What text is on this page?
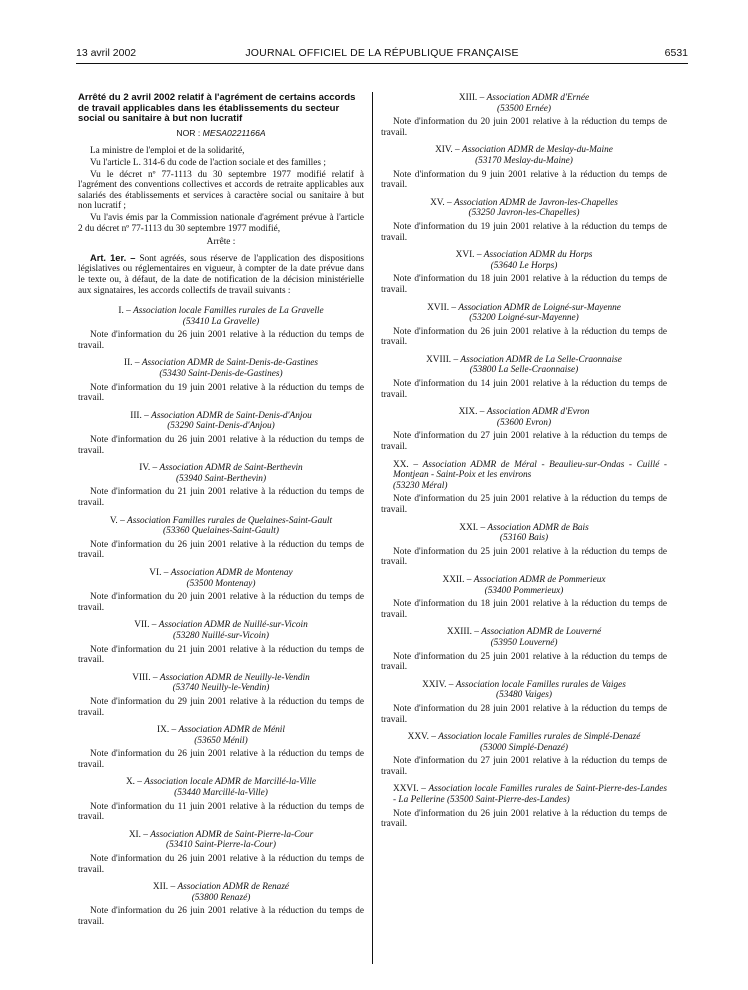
13 avril 2002	JOURNAL OFFICIEL DE LA RÉPUBLIQUE FRANÇAISE	6531
Arrêté du 2 avril 2002 relatif à l'agrément de certains accords de travail applicables dans les établissements du secteur social ou sanitaire à but non lucratif
NOR : MESA0221166A

La ministre de l'emploi et de la solidarité,

Vu l'article L. 314-6 du code de l'action sociale et des familles ;

Vu le décret nº 77-1113 du 30 septembre 1977 modifié relatif à l'agrément des conventions collectives et accords de retraite applicables aux salariés des établissements et services à caractère social ou sanitaire à but non lucratif ;

Vu l'avis émis par la Commission nationale d'agrément prévue à l'article 2 du décret nº 77-1113 du 30 septembre 1977 modifié,

Arrête :

Art. 1er. – Sont agréés, sous réserve de l'application des dispositions législatives ou réglementaires en vigueur, à compter de la date prévue dans le texte ou, à défaut, de la date de notification de la décision ministérielle aux signataires, les accords collectifs de travail suivants :

I. – Association locale Familles rurales de La Gravelle
(53410 La Gravelle)
Note d'information du 26 juin 2001 relative à la réduction du temps de travail.
II. – Association ADMR de Saint-Denis-de-Gastines
(53430 Saint-Denis-de-Gastines)
Note d'information du 19 juin 2001 relative à la réduction du temps de travail.
III. – Association ADMR de Saint-Denis-d'Anjou
(53290 Saint-Denis-d'Anjou)
Note d'information du 26 juin 2001 relative à la réduction du temps de travail.
IV. – Association ADMR de Saint-Berthevin
(53940 Saint-Berthevin)
Note d'information du 21 juin 2001 relative à la réduction du temps de travail.
V. – Association Familles rurales de Quelaines-Saint-Gault
(53360 Quelaines-Saint-Gault)
Note d'information du 26 juin 2001 relative à la réduction du temps de travail.
VI. – Association ADMR de Montenay
(53500 Montenay)
Note d'information du 20 juin 2001 relative à la réduction du temps de travail.
VII. – Association ADMR de Nuillé-sur-Vicoin
(53280 Nuillé-sur-Vicoin)
Note d'information du 21 juin 2001 relative à la réduction du temps de travail.
VIII. – Association ADMR de Neuilly-le-Vendin
(53740 Neuilly-le-Vendin)
Note d'information du 29 juin 2001 relative à la réduction du temps de travail.
IX. – Association ADMR de Ménil
(53650 Ménil)
Note d'information du 26 juin 2001 relative à la réduction du temps de travail.
X. – Association locale ADMR de Marcillé-la-Ville
(53440 Marcillé-la-Ville)
Note d'information du 11 juin 2001 relative à la réduction du temps de travail.
XI. – Association ADMR de Saint-Pierre-la-Cour
(53410 Saint-Pierre-la-Cour)
Note d'information du 26 juin 2001 relative à la réduction du temps de travail.
XII. – Association ADMR de Renazé
(53800 Renazé)
Note d'information du 26 juin 2001 relative à la réduction du temps de travail.
XIII. – Association ADMR d'Ernée
(53500 Ernée)
Note d'information du 20 juin 2001 relative à la réduction du temps de travail.
XIV. – Association ADMR de Meslay-du-Maine
(53170 Meslay-du-Maine)
Note d'information du 9 juin 2001 relative à la réduction du temps de travail.
XV. – Association ADMR de Javron-les-Chapelles
(53250 Javron-les-Chapelles)
Note d'information du 19 juin 2001 relative à la réduction du temps de travail.
XVI. – Association ADMR du Horps
(53640 Le Horps)
Note d'information du 18 juin 2001 relative à la réduction du temps de travail.
XVII. – Association ADMR de Loigné-sur-Mayenne
(53200 Loigné-sur-Mayenne)
Note d'information du 26 juin 2001 relative à la réduction du temps de travail.
XVIII. – Association ADMR de La Selle-Craonnaise
(53800 La Selle-Craonnaise)
Note d'information du 14 juin 2001 relative à la réduction du temps de travail.
XIX. – Association ADMR d'Evron
(53600 Evron)
Note d'information du 27 juin 2001 relative à la réduction du temps de travail.
XX. – Association ADMR de Méral - Beaulieu-sur-Ondas - Cuillé - Montjean - Saint-Poix et les environs
(53230 Méral)
Note d'information du 25 juin 2001 relative à la réduction du temps de travail.
XXI. – Association ADMR de Bais
(53160 Bais)
Note d'information du 25 juin 2001 relative à la réduction du temps de travail.
XXII. – Association ADMR de Pommerieux
(53400 Pommerieux)
Note d'information du 18 juin 2001 relative à la réduction du temps de travail.
XXIII. – Association ADMR de Louverné
(53950 Louverné)
Note d'information du 25 juin 2001 relative à la réduction du temps de travail.
XXIV. – Association locale Familles rurales de Vaiges
(53480 Vaiges)
Note d'information du 28 juin 2001 relative à la réduction du temps de travail.
XXV. – Association locale Familles rurales de Simplé-Denazé
(53000 Simplé-Denazé)
Note d'information du 27 juin 2001 relative à la réduction du temps de travail.
XXVI. – Association locale Familles rurales de Saint-Pierre-des-Landes - La Pellerine (53500 Saint-Pierre-des-Landes)
Note d'information du 26 juin 2001 relative à la réduction du temps de travail.
